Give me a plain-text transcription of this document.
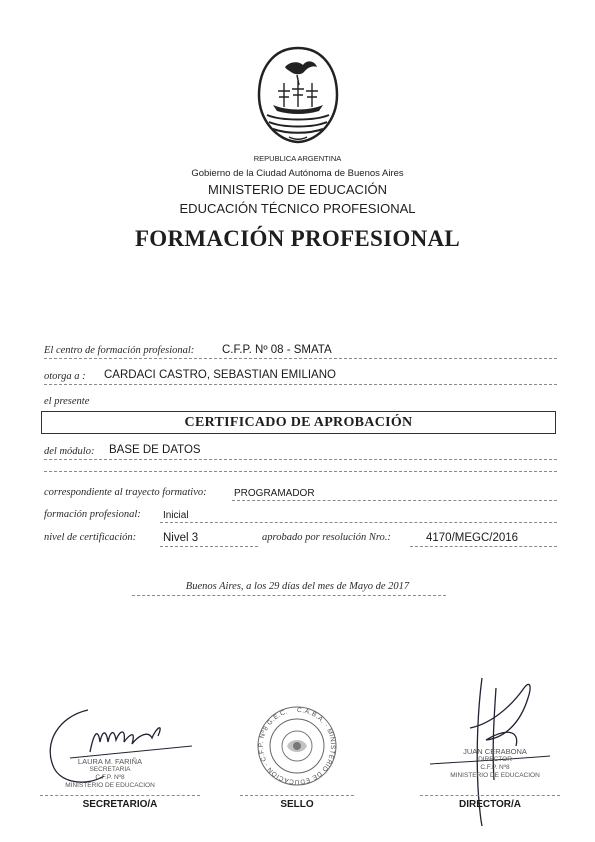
REPUBLICA ARGENTINA
Gobierno de la Ciudad Autónoma de Buenos Aires
MINISTERIO DE EDUCACIÓN
EDUCACIÓN TÉCNICO PROFESIONAL
FORMACIÓN PROFESIONAL
El centro de formación profesional: C.F.P. Nº 08 - SMATA
otorga a : CARDACI CASTRO, SEBASTIAN EMILIANO
el presente
CERTIFICADO DE APROBACIÓN
del módulo: BASE DE DATOS
correspondiente al trayecto formativo:	PROGRAMADOR
formación profesional: Inicial
nivel de certificación: Nivel 3	aprobado por resolución Nro.:	4170/MEGC/2016
Buenos Aires, a los 29 días del mes de Mayo de 2017
LAURA M. FARIÑA
SECRETARIA
C.F.P. Nº8
MINISTERIO DE EDUCACION
SECRETARIO/A
C.A.B.A. · MINISTERIO DE EDUCACION · C.F.P. Nº8 G.E.C.
SELLO
JUAN CERABONA
DIRECTOR
C.F.P. Nº8
MINISTERIO DE EDUCACION
DIRECTOR/A
